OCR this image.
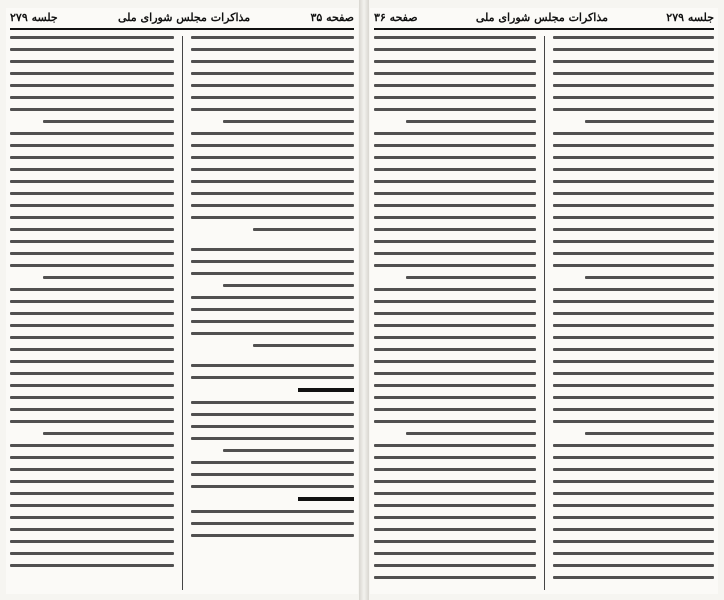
صفحه ۳۵
مذاکرات مجلس شورای ملی
جلسه ۲۷۹	جلسه ۲۷۹
مذاکرات مجلس شورای ملی
صفحه ۳۶
